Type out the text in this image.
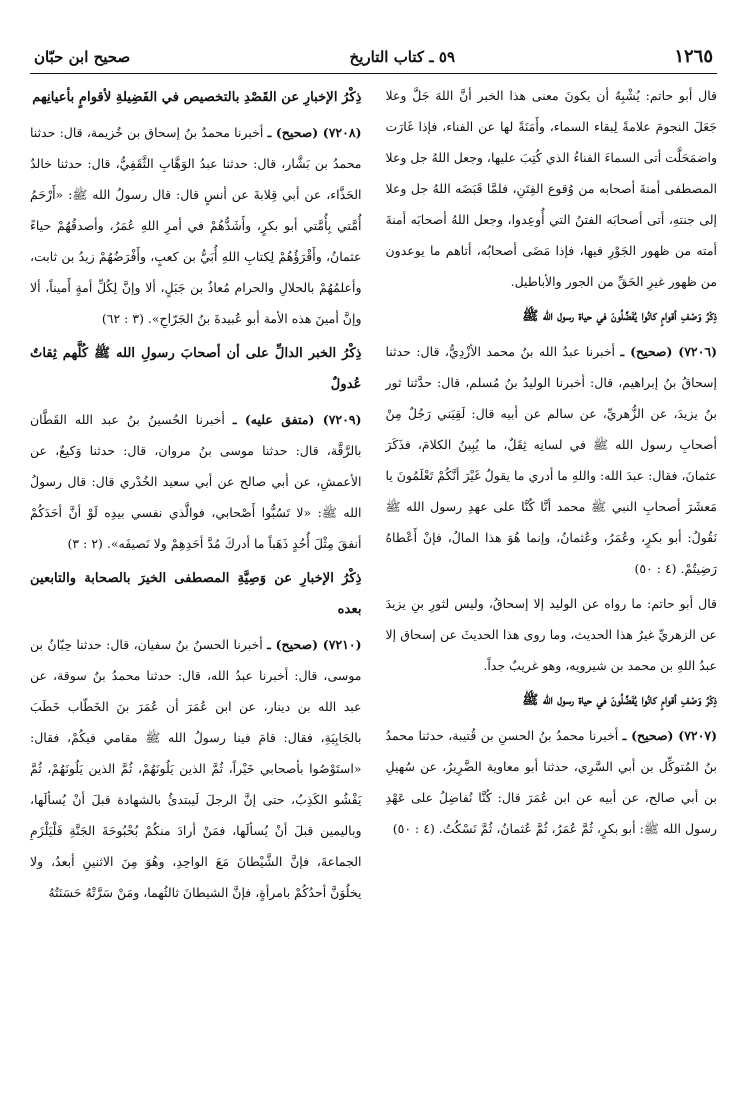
١٢٦٥
٥٩ ـ كتاب التاريخ
صحيح ابن حبّان

قال أبو حاتم: يُشْبِهُ أن يكونَ معنى هذا الخبر أنَّ اللهَ جَلَّ وعلا جَعَلَ النجومَ علامةً لِبقاء السماء، وأَمَنَةً لها عن الفناء، فإذا غَارَت واضمَحَلَّت أتى السماءَ الفناءُ الذي كُتِبَ عليها، وجعل اللهُ جل وعلا المصطفى أمنةَ أصحابه من وُقوع الفِتَنِ، فلمَّا قَبَضَه اللهُ جل وعلا إلى جنتهِ، أتى أصحابَه الفتنُ التي أُوعِدوا، وجعل اللهُ أصحابَه أمنةَ أمته من ظهور الجَوْرِ فيها، فإذا مَضَى أصحابُه، أتاهم ما يوعدون من ظهور غيرِ الحَقِّ من الجور والأباطيل.

ذِكْرُ وَصْفِ أقوامٍ كانُوا يُفَضِّلُونَ في حياة رسول الله ﷺ

(٧٢٠٦) (صحيح) ـ أخبرنا عبدُ الله بنُ محمد الأزْدِيُّ، قال: حدثنا إسحاقُ بنُ إبراهيم، قال: أخبرنا الوليدُ بنُ مُسلم، قال: حدَّثنا ثور بنُ يزيدَ، عن الزُّهريِّ، عن سالم عن أبيه قال: لَقِيَني رَجُلٌ مِنْ أصحابِ رسول الله ﷺ في لسانِه ثِقَلٌ، ما يُبِينُ الكلامَ، فذَكَرَ عثمانَ، فقال: عبدَ الله: واللهِ ما أدري ما يقولُ غَيْرَ أنَّكُمْ تَعْلَمُونَ يا مَعشَرَ أصحابِ النبي ﷺ محمد أنَّا كُنَّا على عهدِ رسول الله ﷺ نَقُولُ: أبو بكرٍ، وعُمَرُ، وعُثمانُ، وإنما هُوَ هذا المالُ، فإنْ أَعْطاهُ رَضِيتُمْ. (٤ : ٥٠)

قال أبو حاتم: ما رواه عن الوليد إلا إسحاقُ، وليس لثورِ بنِ يزيدَ عن الزهريِّ غيرُ هذا الحديث، وما روى هذا الحديثَ عن إسحاق إلا عبدُ اللهِ بن محمد بن شيرويه، وهو غريبٌ جداً.

ذِكْرُ وَصْفِ أقوامٍ كانُوا يُفَضِّلُونَ في حياة رسول الله ﷺ

(٧٢٠٧) (صحيح) ـ أخبرنا محمدُ بنُ الحسنِ بن قُتيبة، حدثنا محمدُ بنُ المُتوكِّل بن أبي السَّرِي، حدثنا أبو معاوية الضَّرِيرُ، عن سُهيلِ بن أبي صالح، عن أبيه عن ابن عُمَرَ قال: كُنَّا نُفاضِلُ على عَهْدِ رسول الله ﷺ: أبو بكرٍ، ثُمَّ عُمَرُ، ثُمَّ عُثمانُ، ثُمَّ نَسْكُتُ. (٤ : ٥٠)

ذِكْرُ الإخبارِ عن القَصْدِ بالتخصيص في الفَضِيلةِ لأقوامٍ بأعيانِهم

(٧٢٠٨) (صحيح) ـ أخبرنا محمدُ بنُ إسحاق بن خُزيمة، قال: حدثنا محمدُ بن بَشَّار، قال: حدثنا عبدُ الوَهَّابِ الثَّقَفِيُّ، قال: حدثنا خالدٌ الحَذَّاء، عن أبي قِلابةَ عن أنسٍ قال: قال رسولُ الله ﷺ: «أَرْحَمُ أُمَّتي بِأُمَّتي أبو بكرٍ، وأَشَدُّهُمْ في أمرِ اللهِ عُمَرُ، وأصدقُهُمْ حياءً عثمانُ، وأَقْرَؤُهُمْ لِكتابِ اللهِ أُبَيُّ بن كعبٍ، وأَفْرَضُهُمْ زيدُ بن ثابت، وأعلمُهُمْ بالحلالِ والحرام مُعاذُ بن جَبَلٍ، ألا وإنَّ لِكُلِّ أمةٍ أَميناً، ألا وإنَّ أمينَ هذه الأمة أبو عُبيدةَ بنُ الجَرّاحِ». (٣ : ٦٢)

ذِكْرُ الخبر الدالِّ على أن أصحابَ رسولِ الله ﷺ كُلَّهم ثِقاتٌ عُدولٌ

(٧٢٠٩) (متفق عليه) ـ أخبرنا الحُسينُ بنُ عبد الله القَطَّان بالرَّقَّة، قال: حدثنا موسى بنُ مروان، قال: حدثنا وَكيعٌ، عن الأعمشِ، عن أبي صالح عن أبي سعيد الخُدْري قال: قال رسولُ الله ﷺ: «لا تَسُبُّوا أَصْحابي، فوالَّذي نفسي بيدِه لَوْ أنَّ أحَدَكُمْ أنفقَ مِثْلَ أُحُدٍ ذَهَباً ما أدركَ مُدَّ أحَدِهِمْ ولا نَصيفَه». (٢ : ٣)

ذِكْرُ الإخبارِ عن وَصِيَّةِ المصطفى الخيرَ بالصحابة والتابعين بعده

(٧٢١٠) (صحيح) ـ أخبرنا الحسنُ بنُ سفيان، قال: حدثنا حِبّانُ بن موسى، قال: أخبرنا عبدُ الله، قال: حدثنا محمدُ بنُ سوقة، عن عبد الله بن دينار، عن ابن عُمَرَ أن عُمَرَ بنَ الخَطّاب خَطَبَ بالجَابِيَةِ، فقال: قامَ فينا رسولُ الله ﷺ مقامي فيكُمْ، فقال: «استَوْصُوا بأصحابي خَيْراً، ثُمَّ الذين يَلُونَهُمْ، ثُمَّ الذين يَلُونَهُمْ، ثُمَّ يَفْشُو الكَذِبُ، حتى إنَّ الرجلَ لَيبتدئُ بالشهادة قبلَ أنْ يُسألَها، وباليمين قبلَ أنْ يُسألَها، فمَنْ أرادَ منكُمْ بُحْبُوحَةَ الجَنَّةِ فَلْيَلْزَمِ الجماعةَ، فإنَّ الشَّيْطانَ مَعَ الواحِدِ، وهُوَ مِنَ الاثنينِ أبعدُ، ولا يخلُوَنَّ أحدُكُمْ بامرأةٍ، فإنَّ الشيطانَ ثالثُهما، ومَنْ سَرَّتْهُ حَسَنَتُهُ
